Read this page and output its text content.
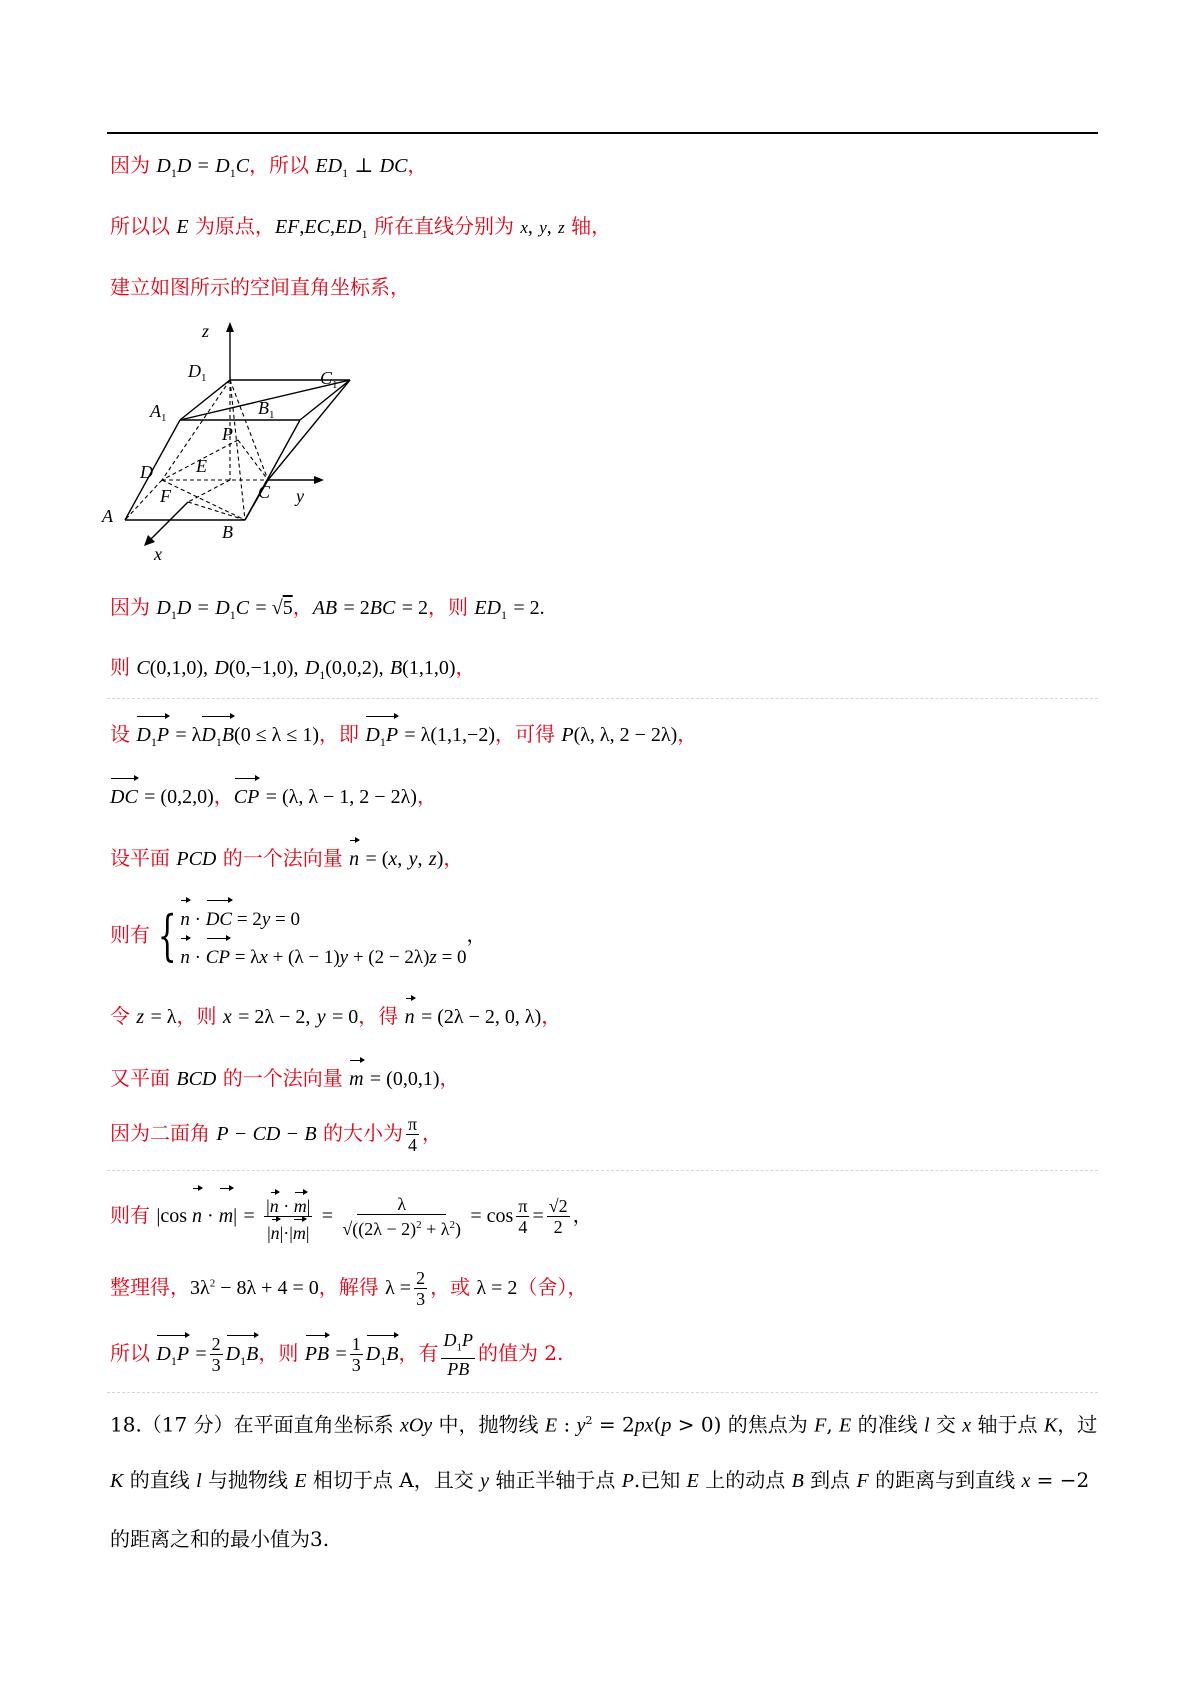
因为 $D_1D = D_1C$，所以 $ED_1$ ⊥ DC，
所以以 E 为原点，$EF,EC,ED_1$ 所在直线分别为 x, y, z 轴，
建立如图所示的空间直角坐标系，
z
$D_1$	$C_1$
$A_1$	$B_1$
P
D E
C y
A
F
B
x
因为 $D_1D = D_1C = √5$，AB = 2BC = 2，则 $ED_1 = 2$.
则 C(0,1,0), D(0,−1,0), $D_1(0,0,2)$, B(1,1,0)，
设 $D_1P = \lambda D_1B(0 \le \lambda \le 1)$，即 $D_1P = \lambda(1,1,-2)$，可得 P(λ, λ, 2 − 2λ)，
DC = (0,2,0)，CP = (λ, λ − 1, 2 − 2λ)，
设平面 PCD 的一个法向量 n = (x, y, z)，
则有 { n · DC = 2y = 0
n · CP = λx + (λ − 1)y + (2 − 2λ)z = 0
，
令 z = λ，则 x = 2λ − 2, y = 0，得 n = (2λ − 2, 0, λ)，
又平面 BCD 的一个法向量 m = (0,0,1)，
因为二面角 P − CD − B 的大小为 $\frac{\pi}{4}$ ，
则有 |cos $n \cdot m| = \frac{|n \cdot m|}{|n|\cdot|m|} = \frac{\lambda}{√((2\lambda - 2)^2 + \lambda^2)} = \cos \frac{\pi}{4} = \frac{√2}{2}$ ，
整理得，$3\lambda^2 - 8\lambda + 4 = 0$，解得 $\lambda = \frac{2}{3}$ ，或 λ = 2（舍），
所以 $D_1P = \frac{2}{3} D_1B$，则 PB = $\frac{1}{3} D_1B$，有 $\frac{D_1P}{PB}$ 的值为 2.
18.（17 分）在平面直角坐标系 xOy 中，抛物线 E : $y^2 = 2px(p > 0)$ 的焦点为 F, E 的准线 l 交 x 轴于点 K，过
K 的直线 l 与抛物线 E 相切于点 A，且交 y 轴正半轴于点 P.已知 E 上的动点 B 到点 F 的距离与到直线 x = −2
的距离之和的最小值为3.
